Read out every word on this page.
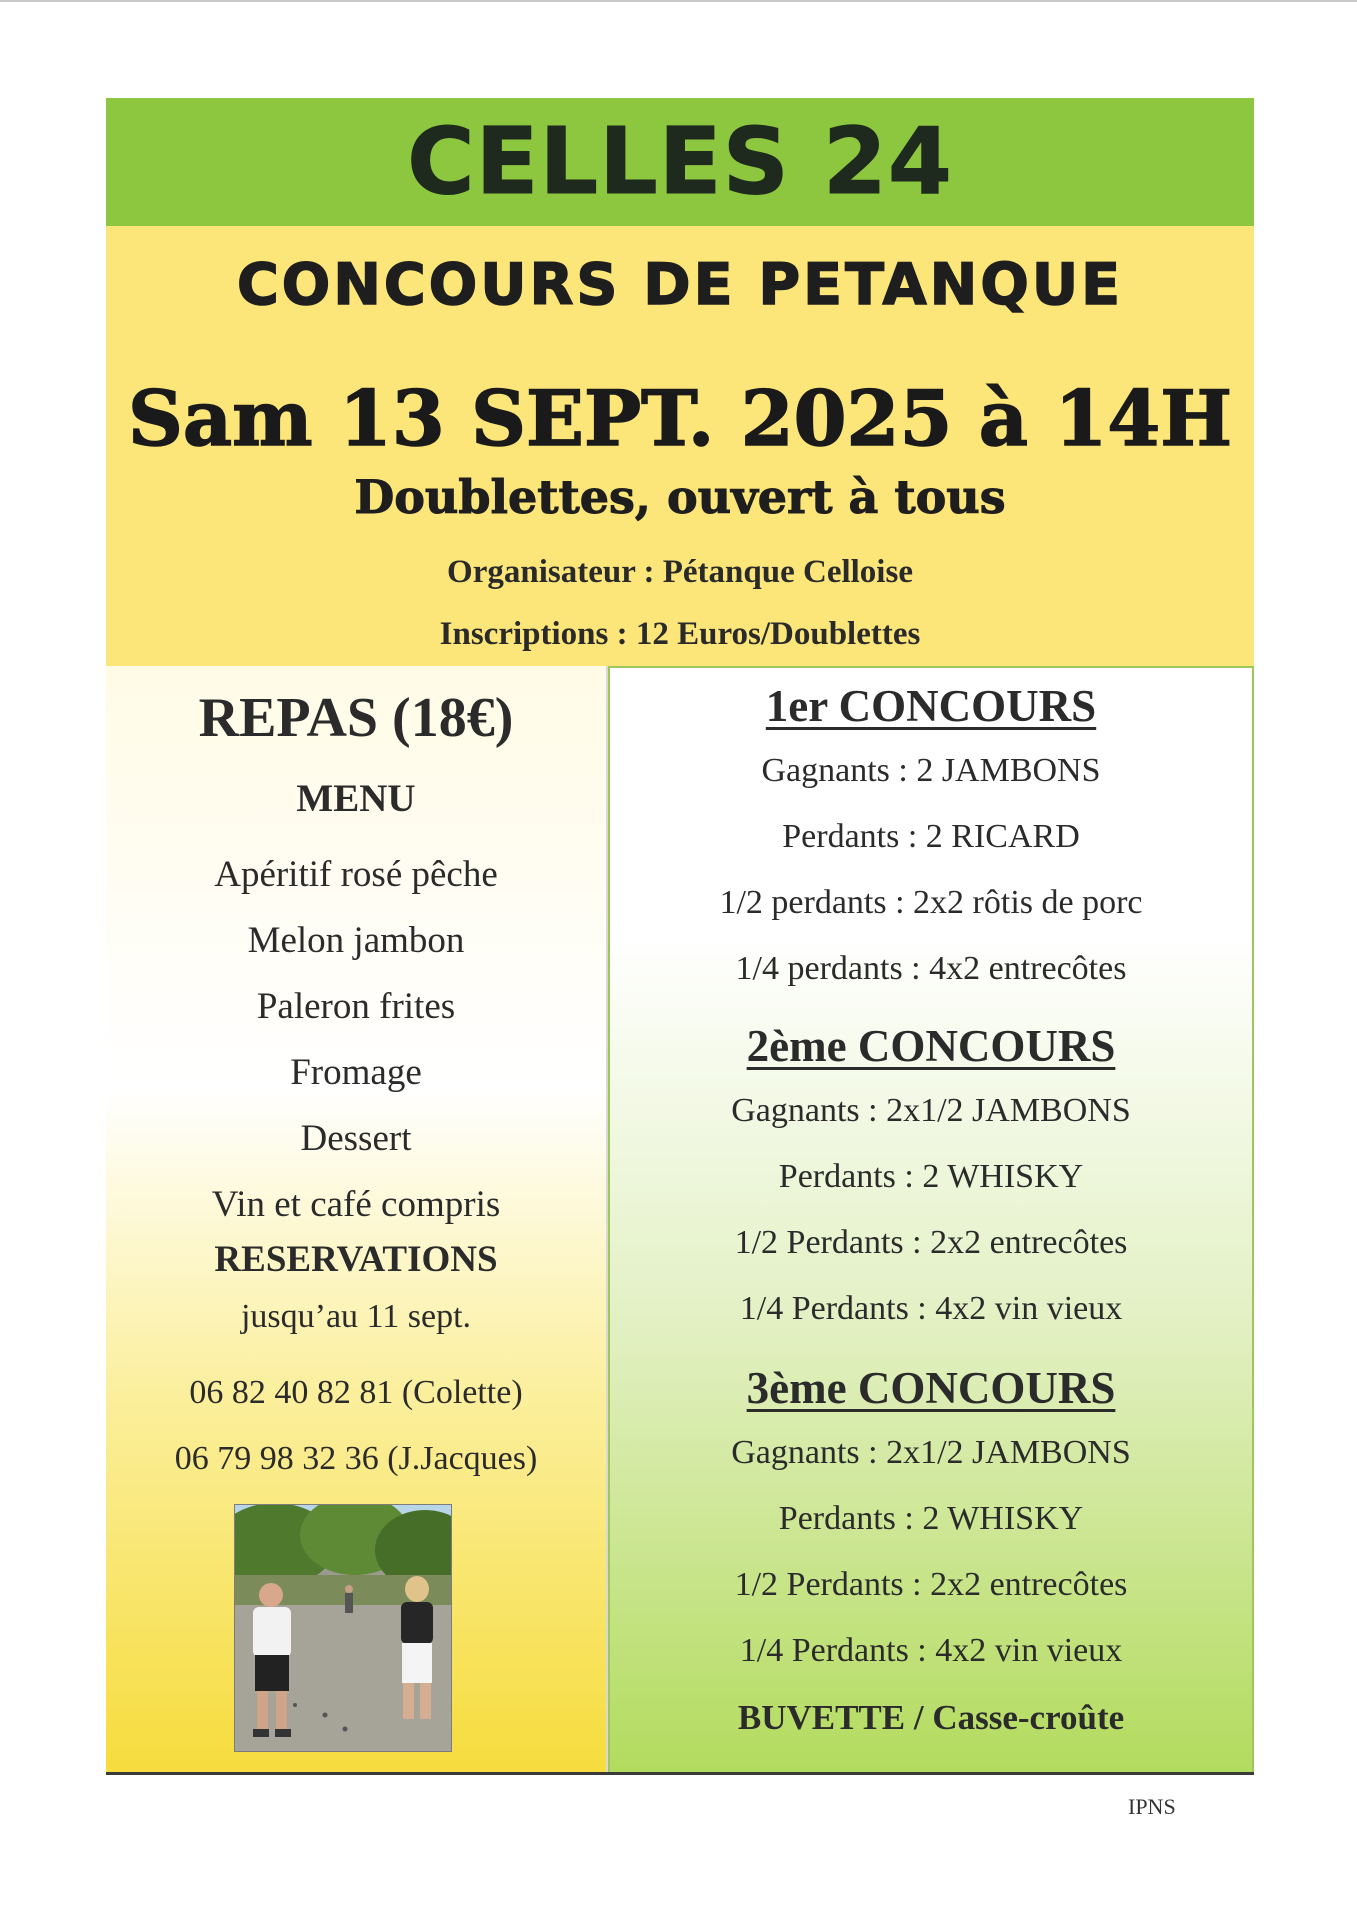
CELLES 24
CONCOURS DE PETANQUE
Sam 13 SEPT. 2025 à 14H
Doublettes, ouvert à tous
Organisateur : Pétanque Celloise
Inscriptions : 12 Euros/Doublettes
REPAS (18€)
MENU
Apéritif rosé pêche
Melon jambon
Paleron frites
Fromage
Dessert
Vin et café compris
RESERVATIONS
jusqu’au 11 sept.
06 82 40 82 81 (Colette)
06 79 98 32 36 (J.Jacques)
1er CONCOURS
Gagnants : 2 JAMBONS
Perdants : 2 RICARD
1/2 perdants : 2x2 rôtis de porc
1/4 perdants : 4x2 entrecôtes
2ème CONCOURS
Gagnants : 2x1/2 JAMBONS
Perdants : 2 WHISKY
1/2 Perdants : 2x2 entrecôtes
1/4 Perdants : 4x2 vin vieux
3ème CONCOURS
Gagnants : 2x1/2 JAMBONS
Perdants : 2 WHISKY
1/2 Perdants : 2x2 entrecôtes
1/4 Perdants : 4x2 vin vieux
BUVETTE / Casse-croûte
IPNS
